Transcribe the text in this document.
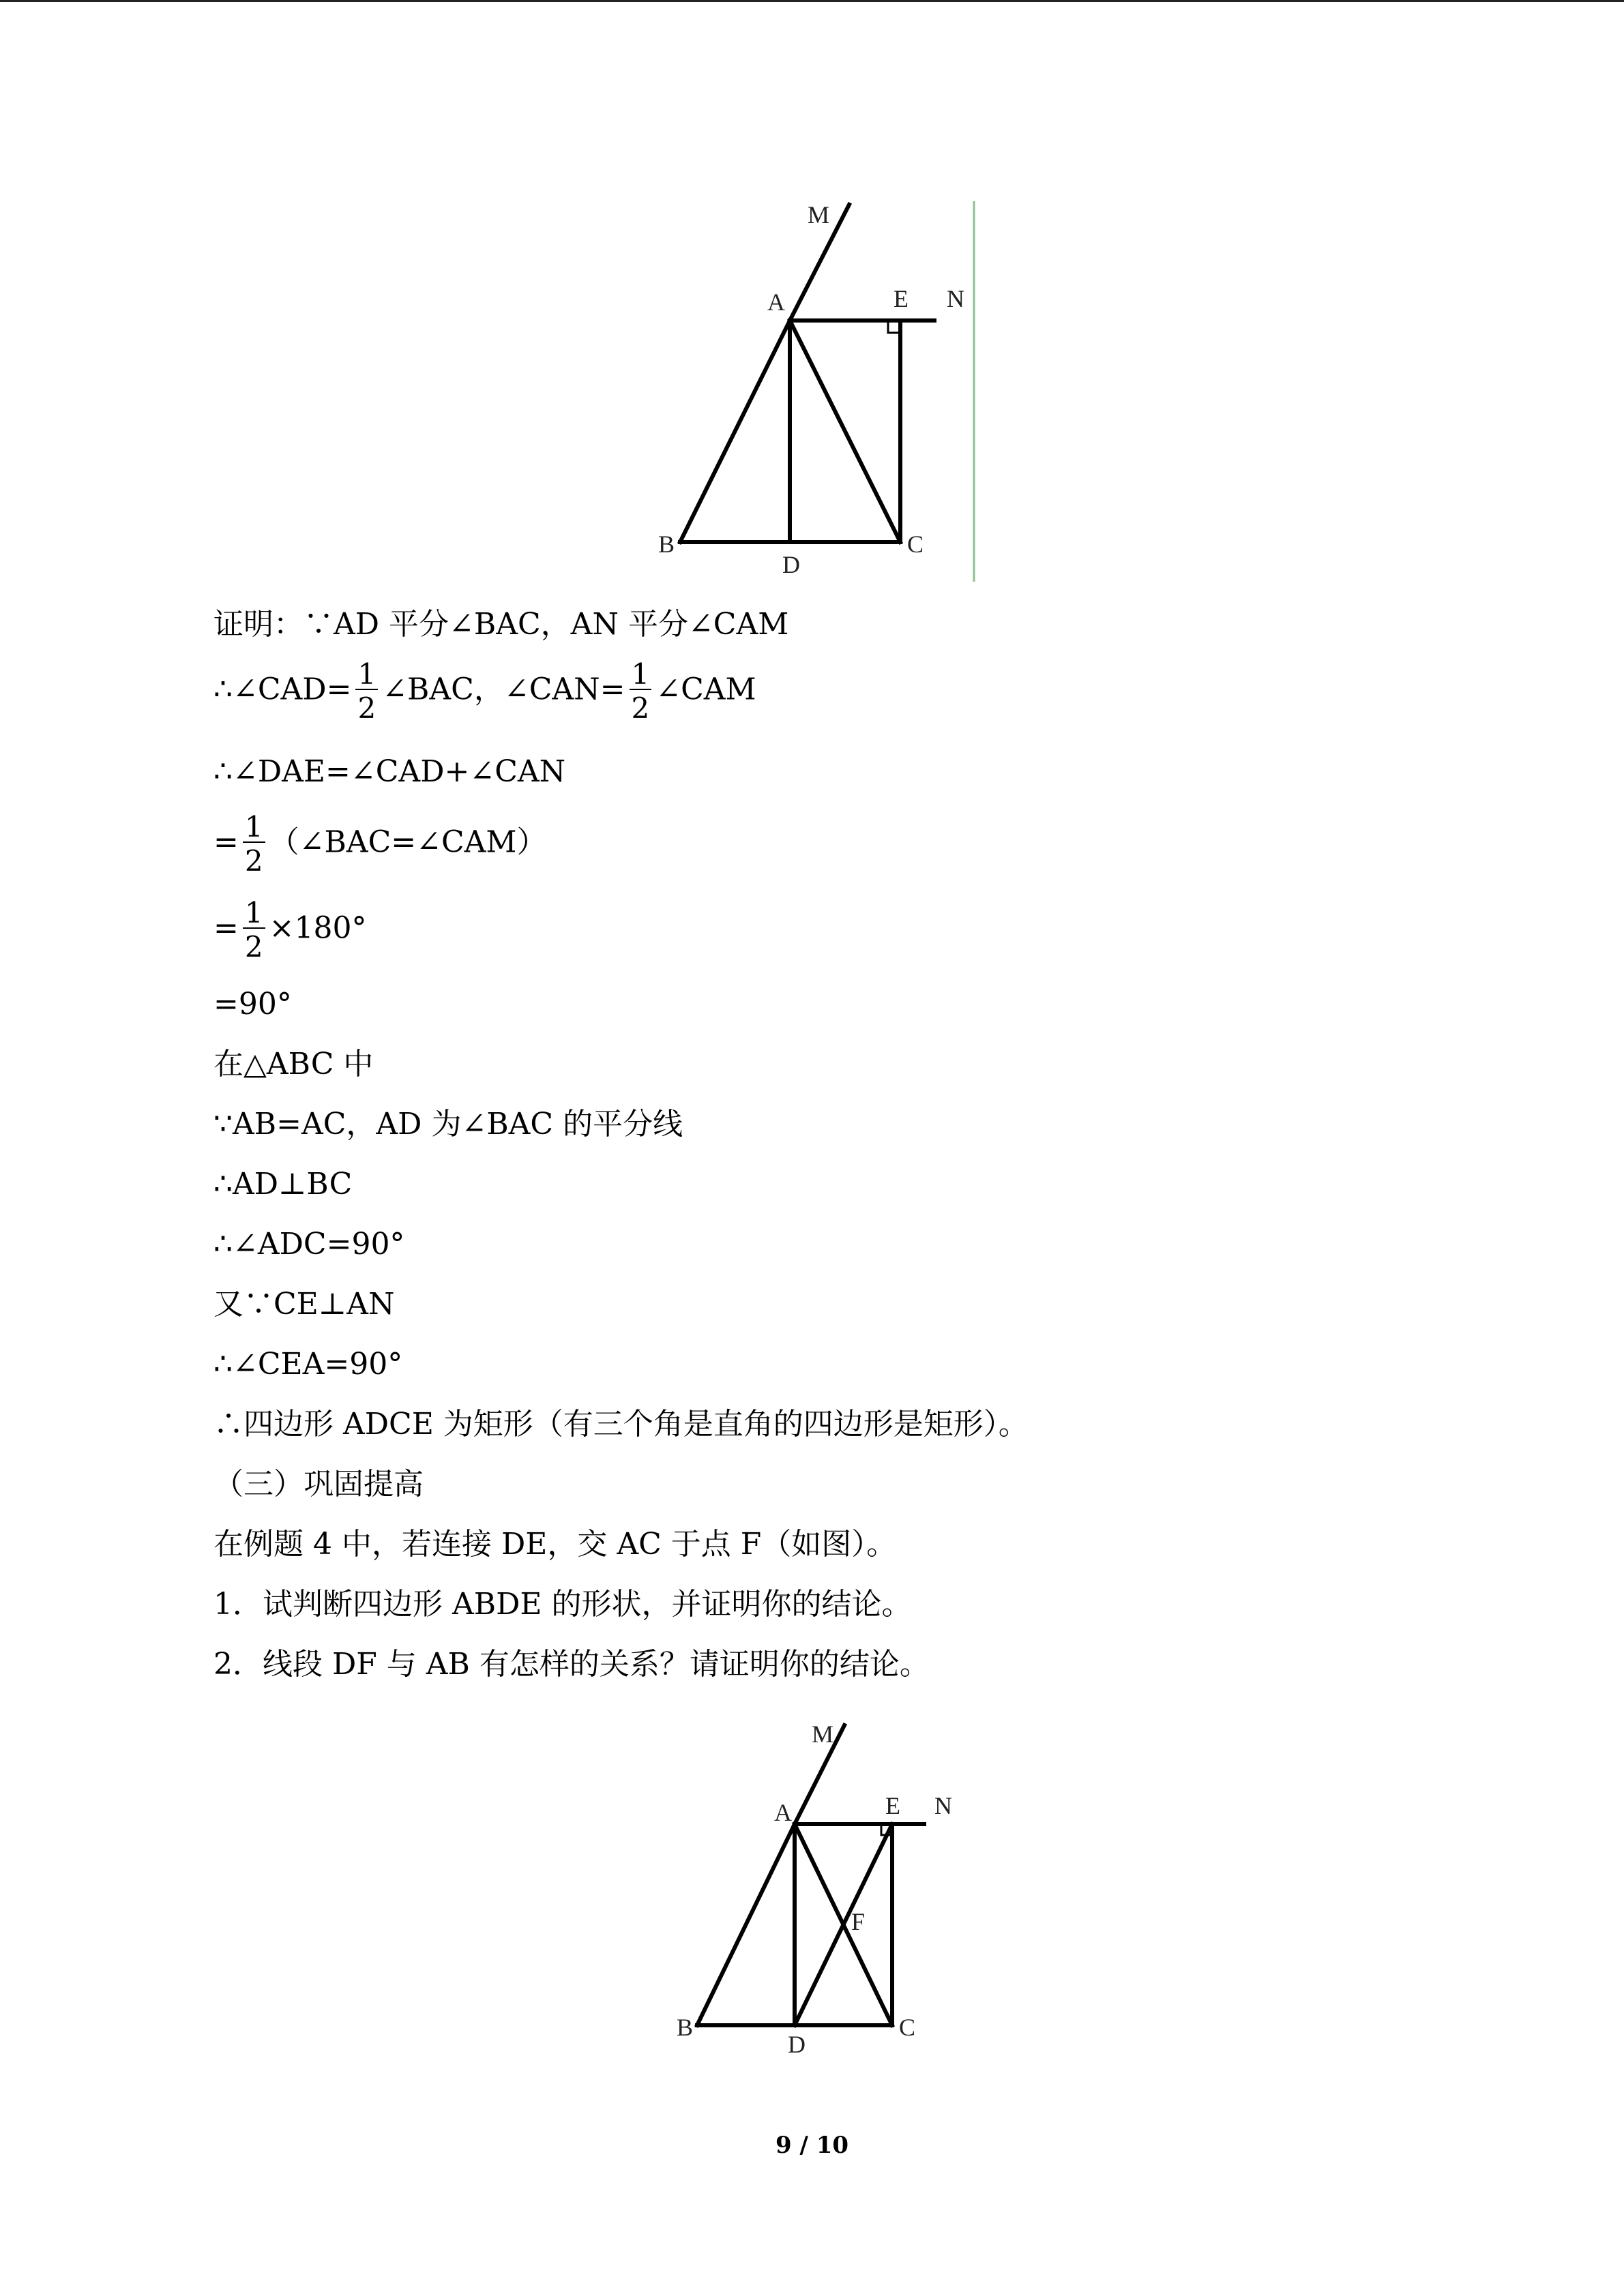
M
A	E N
B
D
C
证明：∵AD 平分∠BAC，AN 平分∠CAM
∴∠CAD= $\frac{1}{2}$ ∠BAC，∠CAN= $\frac{1}{2}$ ∠CAM
∴∠DAE=∠CAD+∠CAN
= $\frac{1}{2}$ （∠BAC=∠CAM）
= $\frac{1}{2} \times 180^\circ$
=90°
在△ABC 中
∵AB=AC，AD 为∠BAC 的平分线
∴AD⊥BC
∴∠ADC=90°
又∵CE⊥AN
∴∠CEA=90°
∴四边形 ADCE 为矩形（有三个角是直角的四边形是矩形）。
（三）巩固提高
在例题 4 中，若连接 DE，交 AC 于点 F（如图）。
1．试判断四边形 ABDE 的形状，并证明你的结论。
2．线段 DF 与 AB 有怎样的关系？请证明你的结论。
M
A	E N
F
B
D
C
9 / 10
